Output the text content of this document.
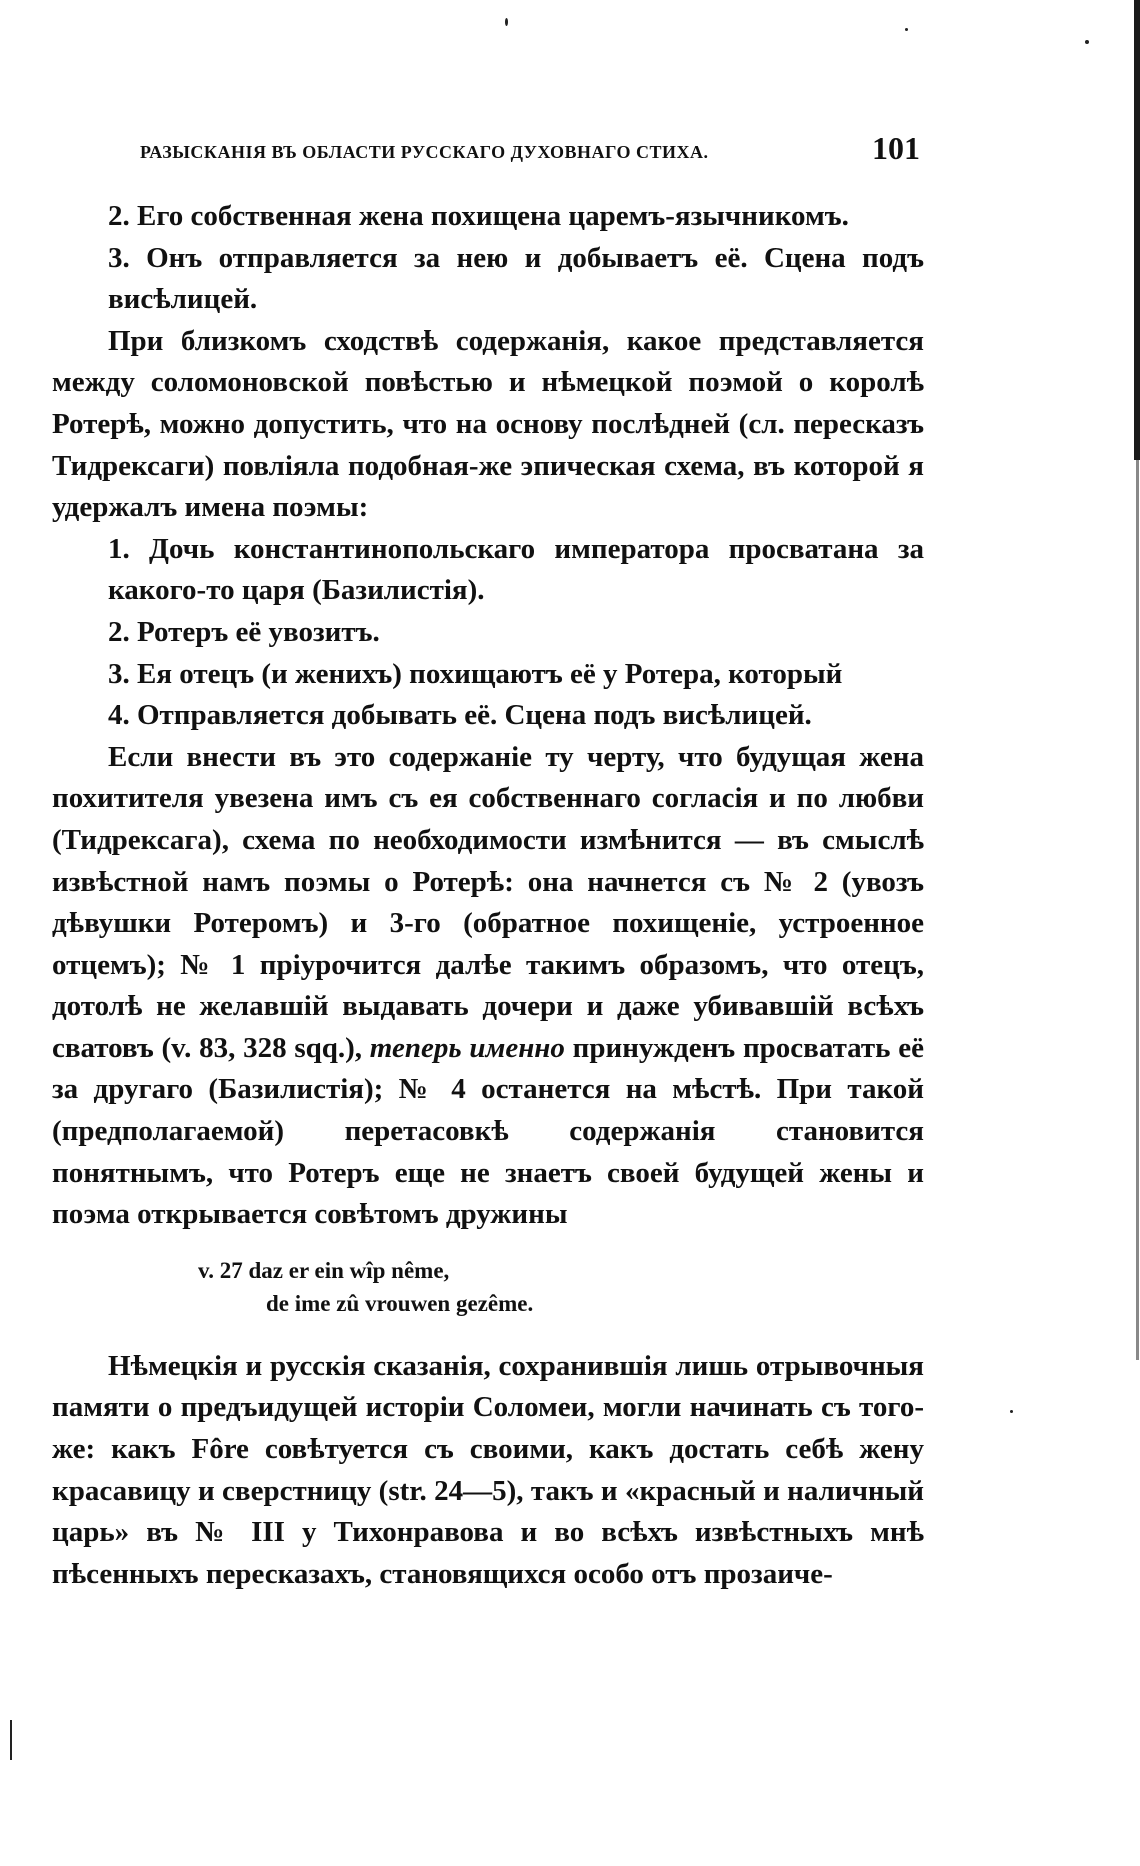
РАЗЫСКАНІЯ ВЪ ОБЛАСТИ РУССКАГО ДУХОВНАГО СТИХА.	101

2. Его собственная жена похищена царемъ-язычникомъ.

3. Онъ отправляется за нею и добываетъ её. Сцена подъ висѣлицей.

При близкомъ сходствѣ содержанія, какое представляется между соломоновской повѣстью и нѣмецкой поэмой о королѣ Ротерѣ, можно допустить, что на основу послѣдней (сл. пересказъ Тидрексаги) повліяла подобная-же эпическая схема, въ которой я удержалъ имена поэмы:

1. Дочь константинопольскаго императора просватана за какого-то царя (Базилистія).

2. Ротеръ её увозитъ.

3. Ея отецъ (и женихъ) похищаютъ её у Ротера, который

4. Отправляется добывать её. Сцена подъ висѣлицей.

Если внести въ это содержаніе ту черту, что будущая жена похитителя увезена имъ съ ея собственнаго согласія и по любви (Тидрексага), схема по необходимости измѣнится — въ смыслѣ извѣстной намъ поэмы о Ротерѣ: она начнется съ № 2 (увозъ дѣвушки Ротеромъ) и 3-го (обратное похищеніе, устроенное отцемъ); № 1 пріурочится далѣе такимъ образомъ, что отецъ, дотолѣ не желавшій выдавать дочери и даже убивавшій всѣхъ сватовъ (v. 83, 328 sqq.), теперь именно принужденъ просватать её за другаго (Базилистія); № 4 останется на мѣстѣ. При такой (предполагаемой) перетасовкѣ содержанія становится понятнымъ, что Ротеръ еще не знаетъ своей будущей жены и поэма открывается совѣтомъ дружины

v. 27 daz er ein wîp nême,
de ime zû vrouwen gezême.

Нѣмецкія и русскія сказанія, сохранившія лишь отрывочныя памяти о предъидущей исторіи Соломеи, могли начинать съ того-же: какъ Fôre совѣтуется съ своими, какъ достать себѣ жену красавицу и сверстницу (str. 24—5), такъ и «красный и наличный царь» въ № III у Тихонравова и во всѣхъ извѣстныхъ мнѣ пѣсенныхъ пересказахъ, становящихся особо отъ прозаиче-
